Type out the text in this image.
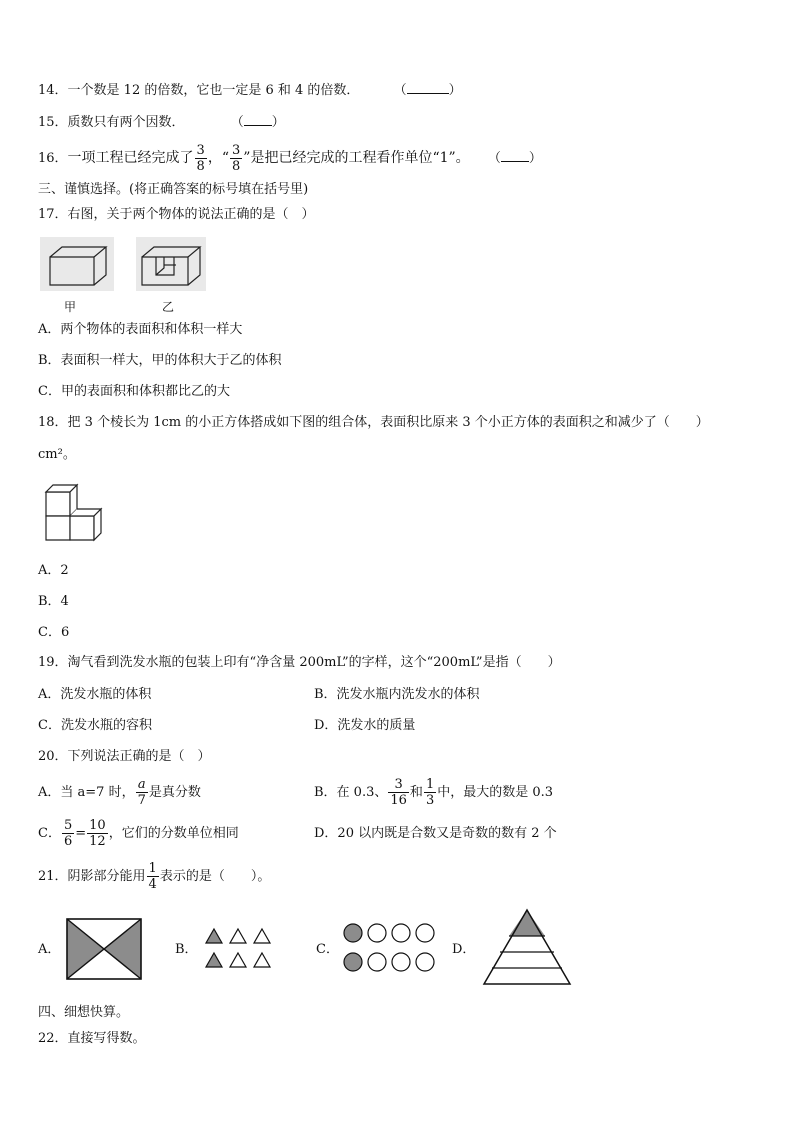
14．一个数是 12 的倍数，它也一定是 6 和 4 的倍数．	（	）
15．质数只有两个因数．	（ ）
16．一项工程已经完成了 $\frac{3}{8}$ ，“ $\frac{3}{8}$ ”是把已经完成的工程看作单位“1”。 （ ）
三、谨慎选择。(将正确答案的标号填在括号里)
17．右图，关于两个物体的说法正确的是（　）
甲	乙
A．两个物体的表面积和体积一样大
B．表面积一样大，甲的体积大于乙的体积
C．甲的表面积和体积都比乙的大
18．把 3 个棱长为 1cm 的小正方体搭成如下图的组合体，表面积比原来 3 个小正方体的表面积之和减少了（　　）
cm²。
A．2
B．4
C．6
19．淘气看到洗发水瓶的包装上印有“净含量 200mL”的字样，这个“200mL”是指（　　）
A．洗发水瓶的体积	B．洗发水瓶内洗发水的体积
C．洗发水瓶的容积	D．洗发水的质量
20．下列说法正确的是（　）
A．当 a=7 时， $\frac{a}{7}$ 是真分数	B．在 0.3、 $\frac{3}{16}$ 和 $\frac{1}{3}$ 中，最大的数是 0.3
C． $\frac{5}{6} = \frac{10}{12}$ ，它们的分数单位相同	D．20 以内既是合数又是奇数的数有 2 个
21．阴影部分能用 $\frac{1}{4}$ 表示的是（　　）。
A．	B．	C．	D．
四、细想快算。
22．直接写得数。
